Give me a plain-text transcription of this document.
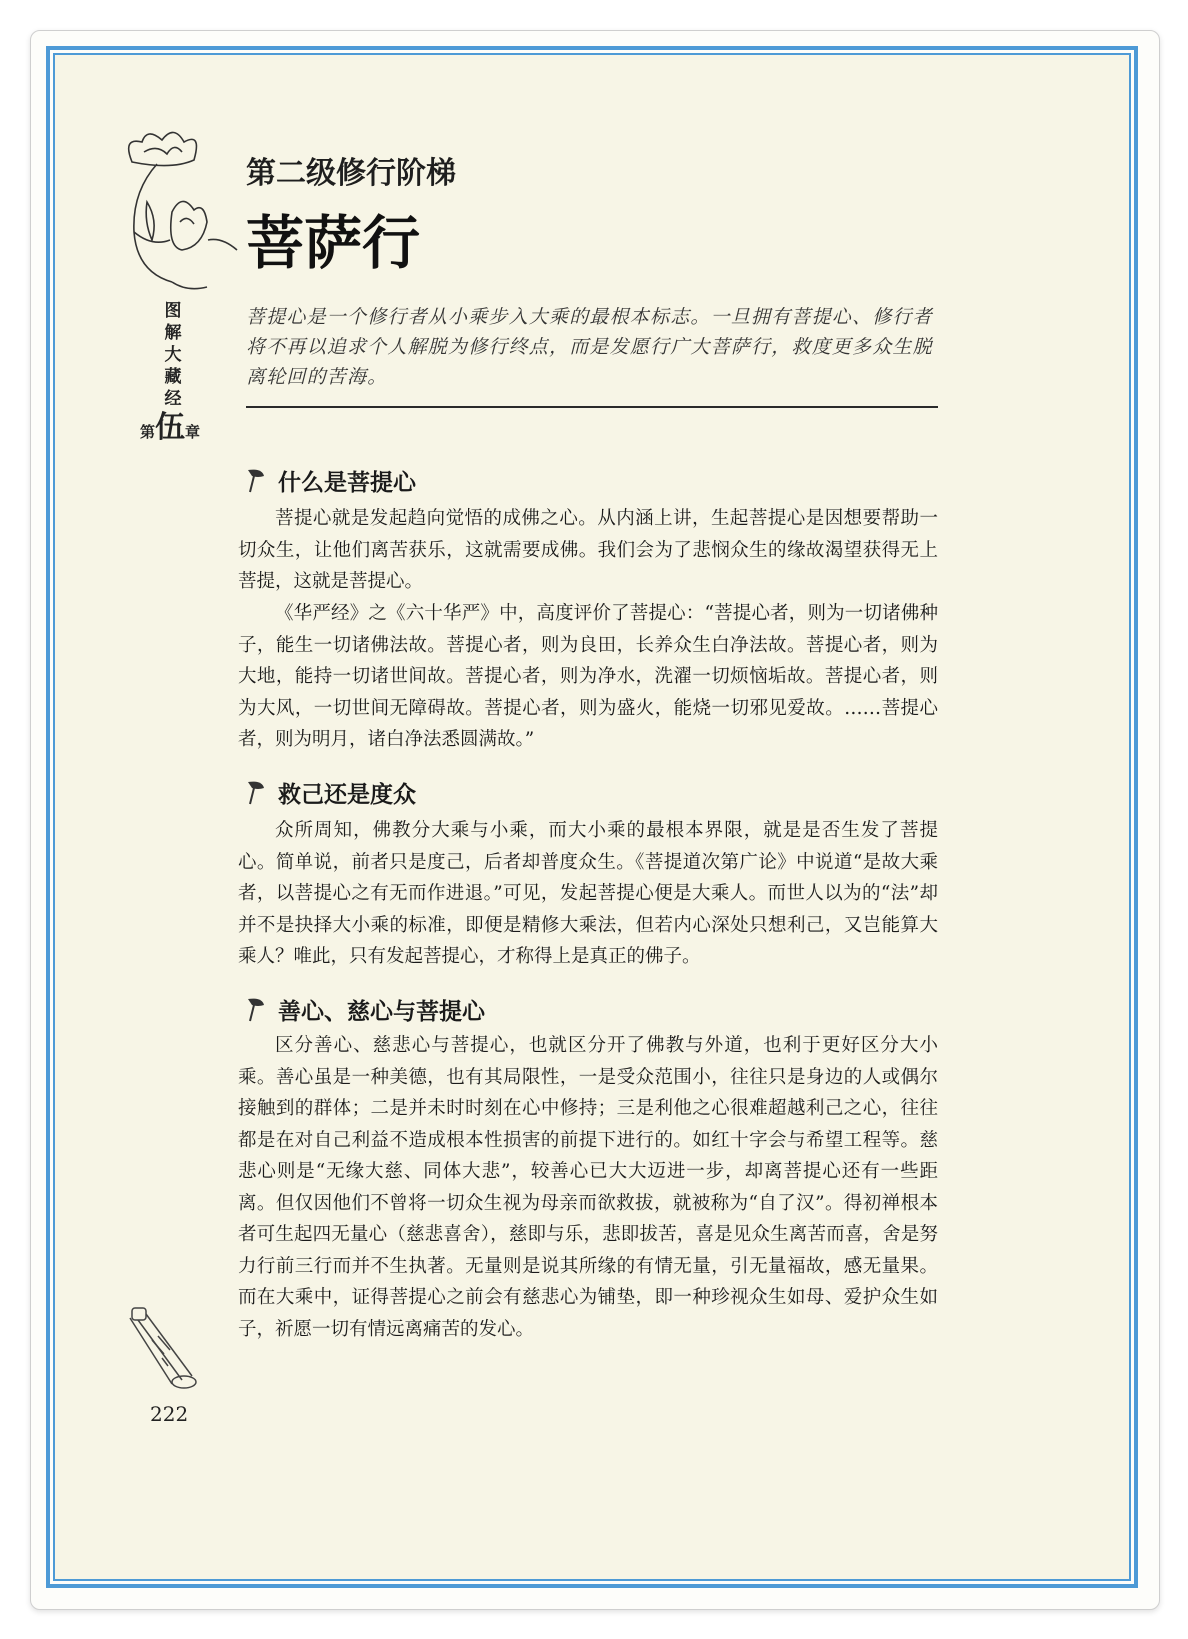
图
解
大
藏
经
第伍章
第二级修行阶梯
菩萨行
菩提心是一个修行者从小乘步入大乘的最根本标志。一旦拥有菩提心、修行者将不再以追求个人解脱为修行终点，而是发愿行广大菩萨行，救度更多众生脱离轮回的苦海。
什么是菩提心
菩提心就是发起趋向觉悟的成佛之心。从内涵上讲，生起菩提心是因想要帮助一切众生，让他们离苦获乐，这就需要成佛。我们会为了悲悯众生的缘故渴望获得无上菩提，这就是菩提心。
《华严经》之《六十华严》中，高度评价了菩提心：“菩提心者，则为一切诸佛种子，能生一切诸佛法故。菩提心者，则为良田，长养众生白净法故。菩提心者，则为大地，能持一切诸世间故。菩提心者，则为净水，洗濯一切烦恼垢故。菩提心者，则为大风，一切世间无障碍故。菩提心者，则为盛火，能烧一切邪见爱故。……菩提心者，则为明月，诸白净法悉圆满故。”
救己还是度众
众所周知，佛教分大乘与小乘，而大小乘的最根本界限，就是是否生发了菩提心。简单说，前者只是度己，后者却普度众生。《菩提道次第广论》中说道“是故大乘者，以菩提心之有无而作进退。”可见，发起菩提心便是大乘人。而世人以为的“法”却并不是抉择大小乘的标准，即便是精修大乘法，但若内心深处只想利己，又岂能算大乘人？唯此，只有发起菩提心，才称得上是真正的佛子。
善心、慈心与菩提心
区分善心、慈悲心与菩提心，也就区分开了佛教与外道，也利于更好区分大小乘。善心虽是一种美德，也有其局限性，一是受众范围小，往往只是身边的人或偶尔接触到的群体；二是并未时时刻在心中修持；三是利他之心很难超越利己之心，往往都是在对自己利益不造成根本性损害的前提下进行的。如红十字会与希望工程等。慈悲心则是“无缘大慈、同体大悲”，较善心已大大迈进一步，却离菩提心还有一些距离。但仅因他们不曾将一切众生视为母亲而欲救拔，就被称为“自了汉”。得初禅根本者可生起四无量心（慈悲喜舍），慈即与乐，悲即拔苦，喜是见众生离苦而喜，舍是努力行前三行而并不生执著。无量则是说其所缘的有情无量，引无量福故，感无量果。而在大乘中，证得菩提心之前会有慈悲心为铺垫，即一种珍视众生如母、爱护众生如子，祈愿一切有情远离痛苦的发心。
222
